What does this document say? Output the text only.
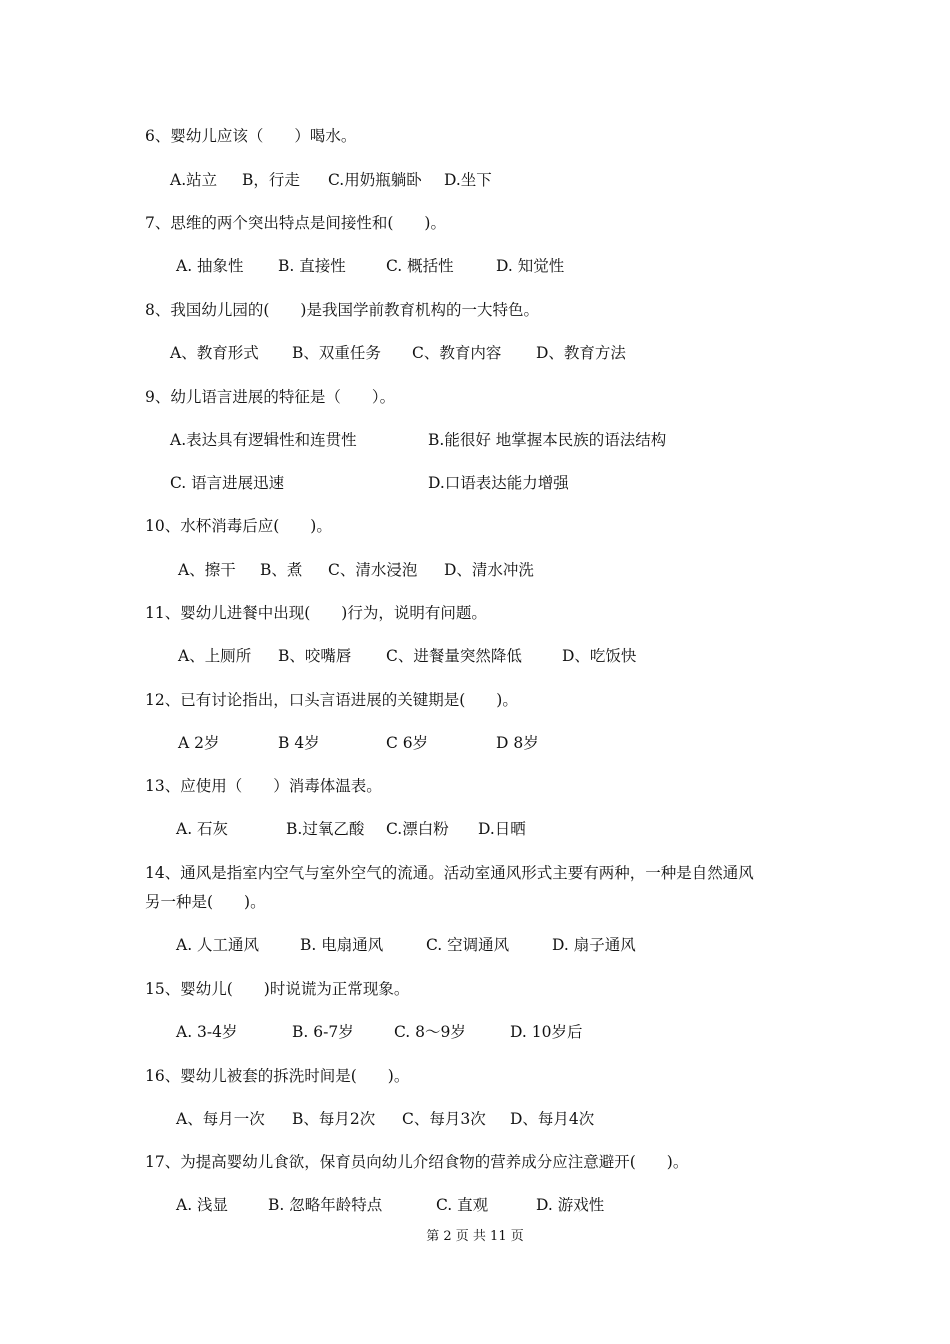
6、婴幼儿应该（　　）喝水。
A.站立 B，行走 C.用奶瓶躺卧 D.坐下
7、思维的两个突出特点是间接性和(　　)。
A. 抽象性 B. 直接性	C. 概括性	D. 知觉性
8、我国幼儿园的(　　)是我国学前教育机构的一大特色。
A、教育形式 B、双重任务 C、教育内容 D、教育方法
9、幼儿语言进展的特征是（　　）。
A.表达具有逻辑性和连贯性	B.能很好 地掌握本民族的语法结构
C. 语言进展迅速	D.口语表达能力增强
10、水杯消毒后应(　　)。
A、擦干 B、煮 C、清水浸泡 D、清水冲洗
11、婴幼儿进餐中出现(　　)行为，说明有问题。
A、上厕所 B、咬嘴唇 C、进餐量突然降低	D、吃饭快
12、已有讨论指出，口头言语进展的关键期是(　　)。
A 2岁	B 4岁	C 6岁	D 8岁
13、应使用（　　）消毒体温表。
A. 石灰	B.过氧乙酸 C.漂白粉 D.日晒
14、通风是指室内空气与室外空气的流通。活动室通风形式主要有两种，一种是自然通风
另一种是(　　)。
A. 人工通风	B. 电扇通风	C. 空调通风	D. 扇子通风
15、婴幼儿(　　)时说谎为正常现象。
A. 3-4岁	B. 6-7岁	C. 8～9岁	D. 10岁后
16、婴幼儿被套的拆洗时间是(　　)。
A、每月一次 B、每月2次 C、每月3次 D、每月4次
17、为提高婴幼儿食欲，保育员向幼儿介绍食物的营养成分应注意避开(　　)。
A. 浅显	B. 忽略年龄特点	C. 直观	D. 游戏性
第 2 页 共 11 页
